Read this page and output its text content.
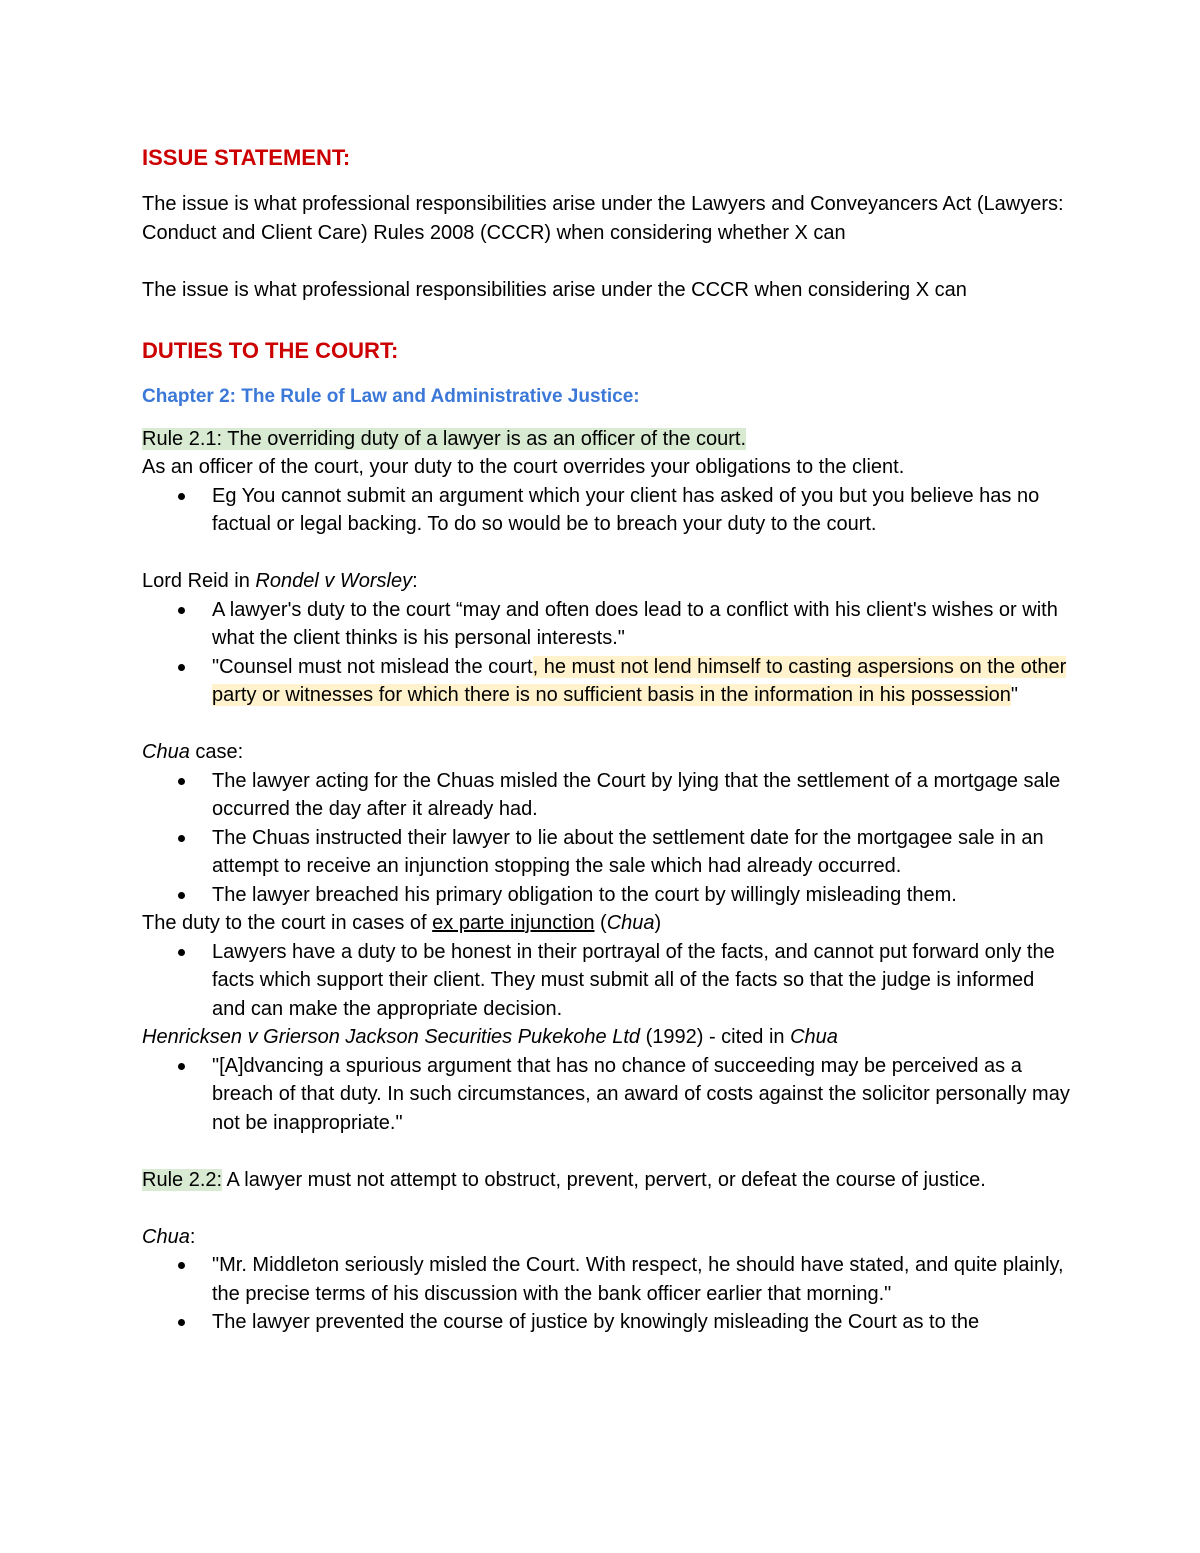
ISSUE STATEMENT:

The issue is what professional responsibilities arise under the Lawyers and Conveyancers Act (Lawyers: Conduct and Client Care) Rules 2008 (CCCR) when considering whether X can

The issue is what professional responsibilities arise under the CCCR when considering X can

DUTIES TO THE COURT:
Chapter 2: The Rule of Law and Administrative Justice:

Rule 2.1: The overriding duty of a lawyer is as an officer of the court.

As an officer of the court, your duty to the court overrides your obligations to the client.

Eg You cannot submit an argument which your client has asked of you but you believe has no factual or legal backing. To do so would be to breach your duty to the court.

Lord Reid in Rondel v Worsley:

A lawyer's duty to the court “may and often does lead to a conflict with his client's wishes or with what the client thinks is his personal interests."
"Counsel must not mislead the court, he must not lend himself to casting aspersions on the other party or witnesses for which there is no sufficient basis in the information in his possession"

Chua case:

The lawyer acting for the Chuas misled the Court by lying that the settlement of a mortgage sale occurred the day after it already had.
The Chuas instructed their lawyer to lie about the settlement date for the mortgagee sale in an attempt to receive an injunction stopping the sale which had already occurred.
The lawyer breached his primary obligation to the court by willingly misleading them.

The duty to the court in cases of ex parte injunction (Chua)

Lawyers have a duty to be honest in their portrayal of the facts, and cannot put forward only the facts which support their client. They must submit all of the facts so that the judge is informed and can make the appropriate decision.

Henricksen v Grierson Jackson Securities Pukekohe Ltd (1992) - cited in Chua

"[A]dvancing a spurious argument that has no chance of succeeding may be perceived as a breach of that duty. In such circumstances, an award of costs against the solicitor personally may not be inappropriate."

Rule 2.2: A lawyer must not attempt to obstruct, prevent, pervert, or defeat the course of justice.

Chua:

"Mr. Middleton seriously misled the Court. With respect, he should have stated, and quite plainly, the precise terms of his discussion with the bank officer earlier that morning."
The lawyer prevented the course of justice by knowingly misleading the Court as to the
